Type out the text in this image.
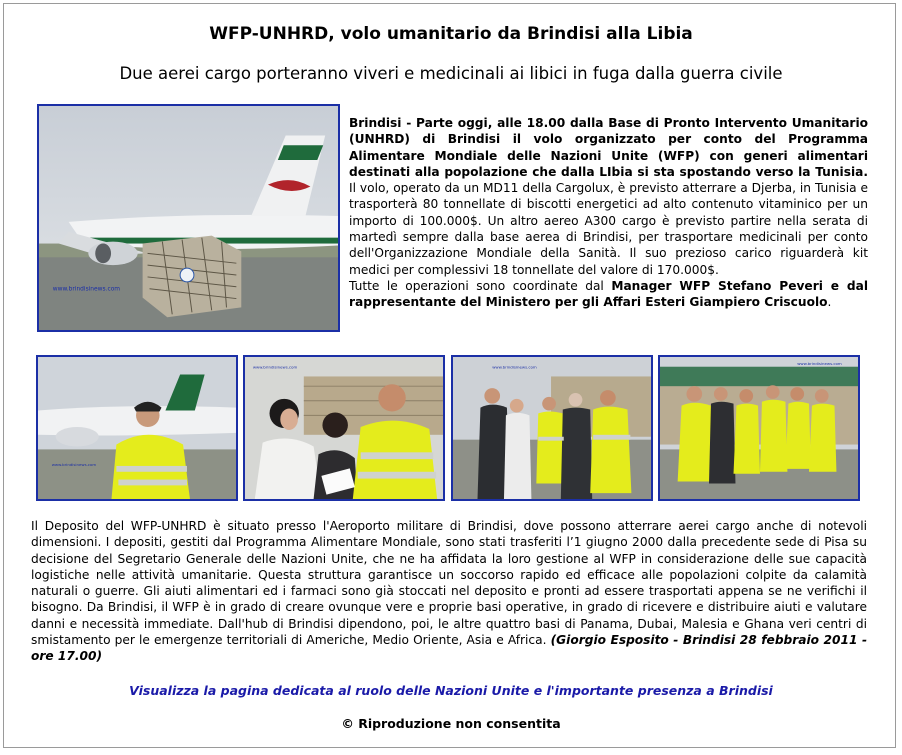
WFP-UNHRD, volo umanitario da Brindisi alla Libia
Due aerei cargo porteranno viveri e medicinali ai libici in fuga dalla guerra civile
www.brindisinews.com

Brindisi - Parte oggi, alle 18.00 dalla Base di Pronto Intervento Umanitario (UNHRD) di Brindisi il volo organizzato per conto del Programma Alimentare Mondiale delle Nazioni Unite (WFP) con generi alimentari destinati alla popolazione che dalla LIbia si sta spostando verso la Tunisia. Il volo, operato da un MD11 della Cargolux, è previsto atterrare a Djerba, in Tunisia e trasporterà 80 tonnellate di biscotti energetici ad alto contenuto vitaminico per un importo di 100.000$. Un altro aereo A300 cargo è previsto partire nella serata di martedì sempre dalla base aerea di Brindisi, per trasportare medicinali per conto dell'Organizzazione Mondiale della Sanità. Il suo prezioso carico riguarderà kit medici per complessivi 18 tonnellate del valore di 170.000$.

Tutte le operazioni sono coordinate dal Manager WFP Stefano Peveri e dal rappresentante del Ministero per gli Affari Esteri Giampiero Criscuolo.

www.brindisinews.com
www.brindisinews.com	www.brindisinews.com
www.brindisinews.com
Il Deposito del WFP-UNHRD è situato presso l'Aeroporto militare di Brindisi, dove possono atterrare aerei cargo anche di notevoli dimensioni. I depositi, gestiti dal Programma Alimentare Mondiale, sono stati trasferiti l’1 giugno 2000 dalla precedente sede di Pisa su decisione del Segretario Generale delle Nazioni Unite, che ne ha affidata la loro gestione al WFP in considerazione delle sue capacità logistiche nelle attività umanitarie. Questa struttura garantisce un soccorso rapido ed efficace alle popolazioni colpite da calamità naturali o guerre. Gli aiuti alimentari ed i farmaci sono già stoccati nel deposito e pronti ad essere trasportati appena se ne verifichi il bisogno. Da Brindisi, il WFP è in grado di creare ovunque vere e proprie basi operative, in grado di ricevere e distribuire aiuti e valutare danni e necessità immediate. Dall'hub di Brindisi dipendono, poi, le altre quattro basi di Panama, Dubai, Malesia e Ghana veri centri di smistamento per le emergenze territoriali di Americhe, Medio Oriente, Asia e Africa. (Giorgio Esposito - Brindisi 28 febbraio 2011 - ore 17.00)
Visualizza la pagina dedicata al ruolo delle Nazioni Unite e l'importante presenza a Brindisi
© Riproduzione non consentita
